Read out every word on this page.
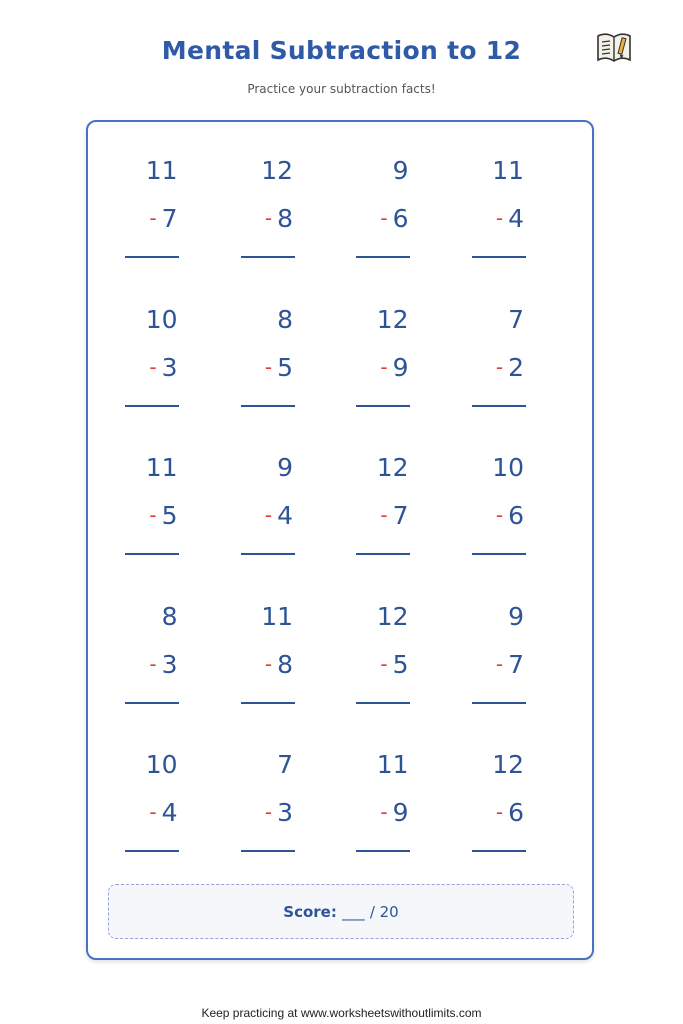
Mental Subtraction to 12
Practice your subtraction facts!
11
- 7
12
- 8
9
- 6
11
- 4
10
- 3
8
- 5
12
- 9
7
- 2
11
- 5
9
- 4
12
- 7
10
- 6
8
- 3
11
- 8
12
- 5
9
- 7
10
- 4
7
- 3
11
- 9
12
- 6
Score:
___
/ 20
Keep practicing at www.worksheetswithoutlimits.com
